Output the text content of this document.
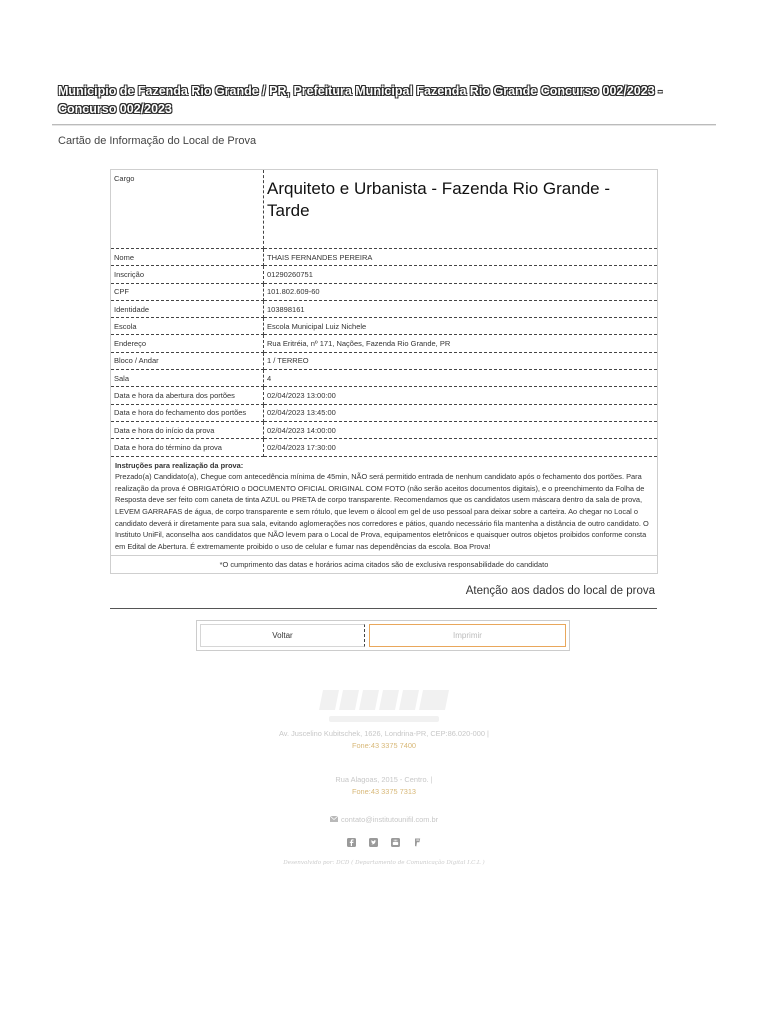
Municipio de Fazenda Rio Grande / PR, Prefeitura Municipal Fazenda Rio Grande Concurso 002/2023 - Concurso 002/2023
Cartão de Informação do Local de Prova
Cargo	Arquiteto e Urbanista - Fazenda Rio Grande - Tarde

Nome	THAIS FERNANDES PEREIRA
Inscrição	01290260751
CPF	101.802.609-60
Identidade	103898161
Escola	Escola Municipal Luiz Nichele
Endereço	Rua Eritréia, nº 171, Nações, Fazenda Rio Grande, PR
Bloco / Andar	1 / TERREO
Sala	4
Data e hora da abertura dos portões	02/04/2023 13:00:00
Data e hora do fechamento dos portões	02/04/2023 13:45:00
Data e hora do início da prova	02/04/2023 14:00:00
Data e hora do término da prova	02/04/2023 17:30:00
Instruções para realização da prova:
Prezado(a) Candidato(a), Chegue com antecedência mínima de 45min, NÃO será permitido entrada de nenhum candidato após o fechamento dos portões. Para realização da prova é OBRIGATÓRIO o DOCUMENTO OFICIAL ORIGINAL COM FOTO (não serão aceitos documentos digitais), e o preenchimento da Folha de Resposta deve ser feito com caneta de tinta AZUL ou PRETA de corpo transparente. Recomendamos que os candidatos usem máscara dentro da sala de prova, LEVEM GARRAFAS de água, de corpo transparente e sem rótulo, que levem o álcool em gel de uso pessoal para deixar sobre a carteira. Ao chegar no Local o candidato deverá ir diretamente para sua sala, evitando aglomerações nos corredores e pátios, quando necessário fila mantenha a distância de outro candidato. O Instituto UniFil, aconselha aos candidatos que NÃO levem para o Local de Prova, equipamentos eletrônicos e quaisquer outros objetos proibidos conforme consta em Edital de Abertura. É extremamente proibido o uso de celular e fumar nas dependências da escola. Boa Prova!
*O cumprimento das datas e horários acima citados são de exclusiva responsabilidade do candidato
Atenção aos dados do local de prova
Voltar	Imprimir

Av. Juscelino Kubitschek, 1626, Londrina-PR, CEP:86.020-000 |

Fone:43 3375 7400

Rua Alagoas, 2015 - Centro. |

Fone:43 3375 7313

contato@institutounifil.com.br

Desenvolvido por: DCD ( Departamento de Comunicação Digital I.C.L )
